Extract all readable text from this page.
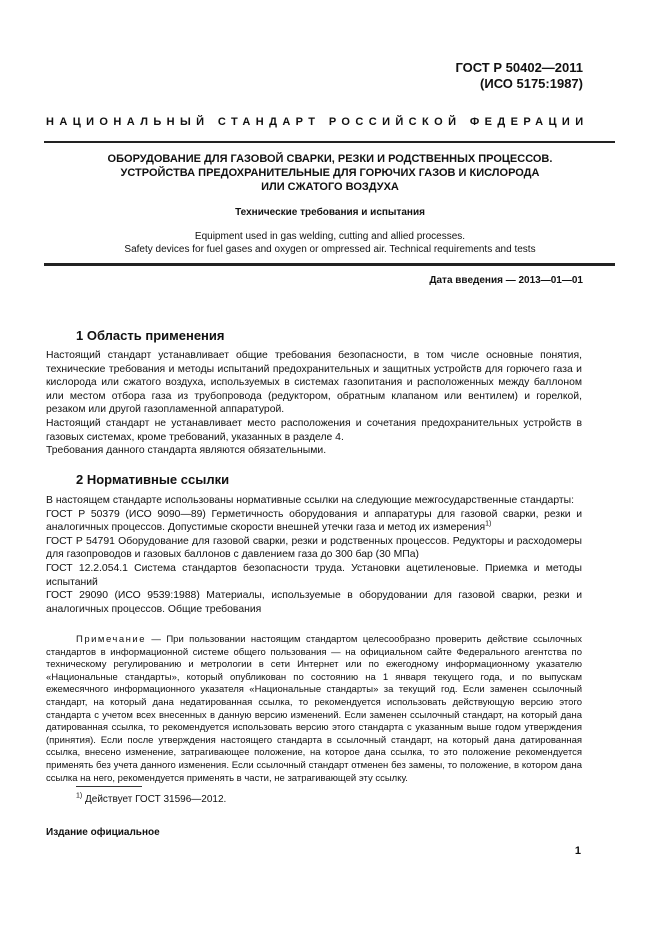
ГОСТ Р 50402—2011
(ИСО 5175:1987)
НАЦИОНАЛЬНЫЙ СТАНДАРТ РОССИЙСКОЙ ФЕДЕРАЦИИ
ОБОРУДОВАНИЕ ДЛЯ ГАЗОВОЙ СВАРКИ, РЕЗКИ И РОДСТВЕННЫХ ПРОЦЕССОВ.
УСТРОЙСТВА ПРЕДОХРАНИТЕЛЬНЫЕ ДЛЯ ГОРЮЧИХ ГАЗОВ И КИСЛОРОДА
ИЛИ СЖАТОГО ВОЗДУХА
Технические требования и испытания
Equipment used in gas welding, cutting and allied processes.
Safety devices for fuel gases and oxygen or ompressed air. Technical requirements and tests
Дата введения — 2013—01—01
1 Область применения

Настоящий стандарт устанавливает общие требования безопасности, в том числе основные понятия, технические требования и методы испытаний предохранительных и защитных устройств для горючего газа и кислорода или сжатого воздуха, используемых в системах газопитания и расположенных между баллоном или местом отбора газа из трубопровода (редуктором, обратным клапаном или вентилем) и горелкой, резаком или другой газопламенной аппаратурой.

Настоящий стандарт не устанавливает место расположения и сочетания предохранительных устройств в газовых системах, кроме требований, указанных в разделе 4.

Требования данного стандарта являются обязательными.

2 Нормативные ссылки

В настоящем стандарте использованы нормативные ссылки на следующие межгосударственные стандарты:

ГОСТ Р 50379 (ИСО 9090—89) Герметичность оборудования и аппаратуры для газовой сварки, резки и аналогичных процессов. Допустимые скорости внешней утечки газа и метод их измерения$^{1)}$

ГОСТ Р 54791 Оборудование для газовой сварки, резки и родственных процессов. Редукторы и расходомеры для газопроводов и газовых баллонов с давлением газа до 300 бар (30 МПа)

ГОСТ 12.2.054.1 Система стандартов безопасности труда. Установки ацетиленовые. Приемка и методы испытаний

ГОСТ 29090 (ИСО 9539:1988) Материалы, используемые в оборудовании для газовой сварки, резки и аналогичных процессов. Общие требования

Примечание — При пользовании настоящим стандартом целесообразно проверить действие ссылочных стандартов в информационной системе общего пользования — на официальном сайте Федерального агентства по техническому регулированию и метрологии в сети Интернет или по ежегодному информационному указателю «Национальные стандарты», который опубликован по состоянию на 1 января текущего года, и по выпускам ежемесячного информационного указателя «Национальные стандарты» за текущий год. Если заменен ссылочный стандарт, на который дана недатированная ссылка, то рекомендуется использовать действующую версию этого стандарта с учетом всех внесенных в данную версию изменений. Если заменен ссылочный стандарт, на который дана датированная ссылка, то рекомендуется использовать версию этого стандарта с указанным выше годом утверждения (принятия). Если после утверждения настоящего стандарта в ссылочный стандарт, на который дана датированная ссылка, внесено изменение, затрагивающее положение, на которое дана ссылка, то это положение рекомендуется применять без учета данного изменения. Если ссылочный стандарт отменен без замены, то положение, в котором дана ссылка на него, рекомендуется применять в части, не затрагивающей эту ссылку.

$^{1)}$ Действует ГОСТ 31596—2012.
Издание официальное
1
